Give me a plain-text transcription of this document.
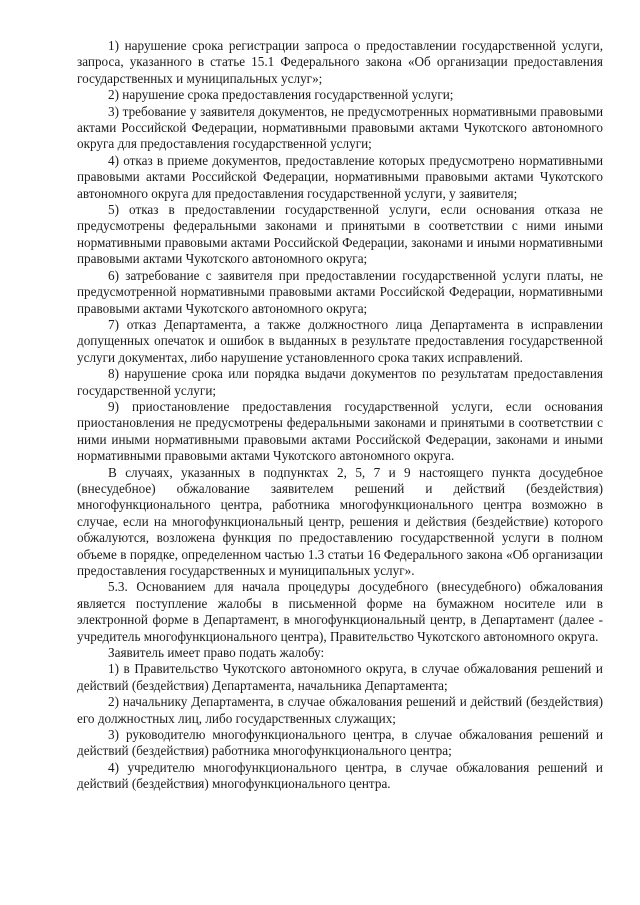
1) нарушение срока регистрации запроса о предоставлении государственной услуги, запроса, указанного в статье 15.1 Федерального закона «Об организации предоставления государственных и муниципальных услуг»;

2) нарушение срока предоставления государственной услуги;

3) требование у заявителя документов, не предусмотренных нормативными правовыми актами Российской Федерации, нормативными правовыми актами Чукотского автономного округа для предоставления государственной услуги;

4) отказ в приеме документов, предоставление которых предусмотрено нормативными правовыми актами Российской Федерации, нормативными правовыми актами Чукотского автономного округа для предоставления государственной услуги, у заявителя;

5) отказ в предоставлении государственной услуги, если основания отказа не предусмотрены федеральными законами и принятыми в соответствии с ними иными нормативными правовыми актами Российской Федерации, законами и иными нормативными правовыми актами Чукотского автономного округа;

6) затребование с заявителя при предоставлении государственной услуги платы, не предусмотренной нормативными правовыми актами Российской Федерации, нормативными правовыми актами Чукотского автономного округа;

7) отказ Департамента, а также должностного лица Департамента в исправлении допущенных опечаток и ошибок в выданных в результате предоставления государственной услуги документах, либо нарушение установленного срока таких исправлений.

8) нарушение срока или порядка выдачи документов по результатам предоставления государственной услуги;

9) приостановление предоставления государственной услуги, если основания приостановления не предусмотрены федеральными законами и принятыми в соответствии с ними иными нормативными правовыми актами Российской Федерации, законами и иными нормативными правовыми актами Чукотского автономного округа.

В случаях, указанных в подпунктах 2, 5, 7 и 9 настоящего пункта досудебное (внесудебное) обжалование заявителем решений и действий (бездействия) многофункционального центра, работника многофункционального центра возможно в случае, если на многофункциональный центр, решения и действия (бездействие) которого обжалуются, возложена функция по предоставлению государственной услуги в полном объеме в порядке, определенном частью 1.3 статьи 16 Федерального закона «Об организации предоставления государственных и муниципальных услуг».

5.3. Основанием для начала процедуры досудебного (внесудебного) обжалования является поступление жалобы в письменной форме на бумажном носителе или в электронной форме в Департамент, в многофункциональный центр, в Департамент (далее - учредитель многофункционального центра), Правительство Чукотского автономного округа.

Заявитель имеет право подать жалобу:

1) в Правительство Чукотского автономного округа, в случае обжалования решений и действий (бездействия) Департамента, начальника Департамента;

2) начальнику Департамента, в случае обжалования решений и действий (бездействия) его должностных лиц, либо государственных служащих;

3) руководителю многофункционального центра, в случае обжалования решений и действий (бездействия) работника многофункционального центра;

4) учредителю многофункционального центра, в случае обжалования решений и действий (бездействия) многофункционального центра.
